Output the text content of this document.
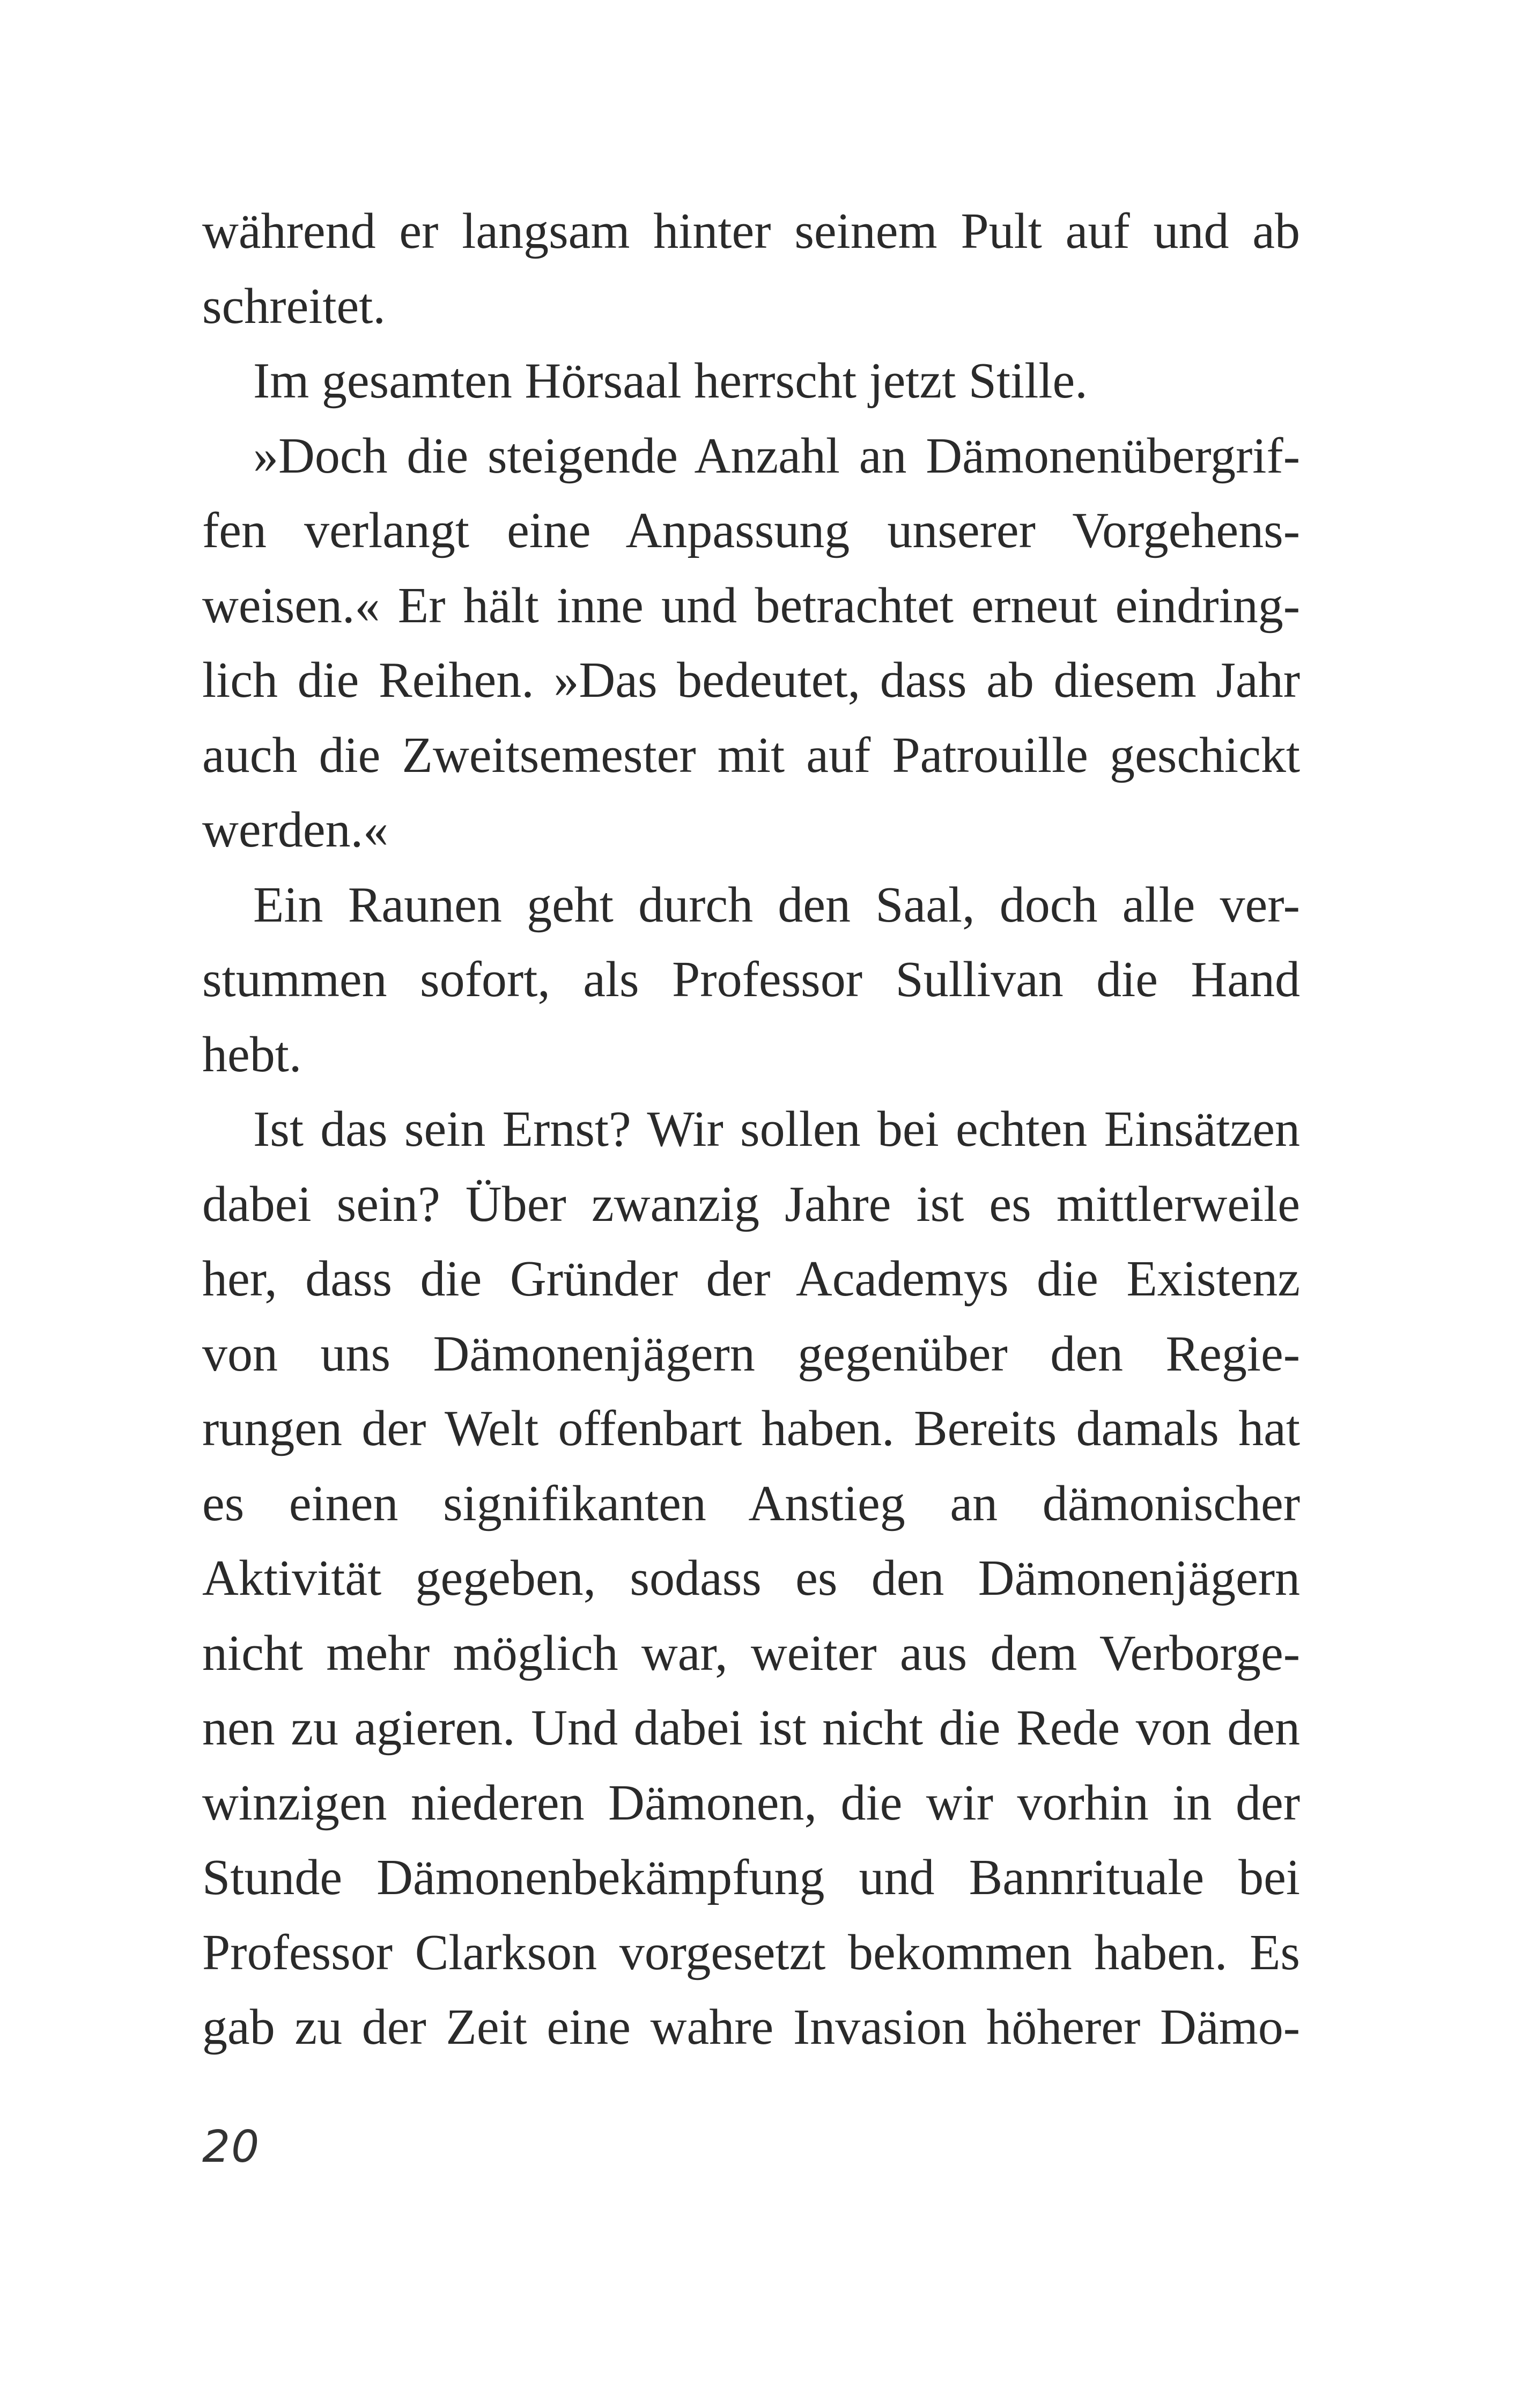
während er langsam hinter seinem Pult auf und ab
schreitet.
Im gesamten Hörsaal herrscht jetzt Stille.
»Doch die steigende Anzahl an Dämonenübergrif-
fen verlangt eine Anpassung unserer Vorgehens-
weisen.« Er hält inne und betrachtet erneut eindring-
lich die Reihen. »Das bedeutet, dass ab diesem Jahr
auch die Zweitsemester mit auf Patrouille geschickt
werden.«
Ein Raunen geht durch den Saal, doch alle ver-
stummen sofort, als Professor Sullivan die Hand
hebt.
Ist das sein Ernst? Wir sollen bei echten Einsätzen
dabei sein? Über zwanzig Jahre ist es mittlerweile
her, dass die Gründer der Academys die Existenz
von uns Dämonenjägern gegenüber den Regie-
rungen der Welt offenbart haben. Bereits damals hat
es einen signifikanten Anstieg an dämonischer
Aktivität gegeben, sodass es den Dämonenjägern
nicht mehr möglich war, weiter aus dem Verborge-
nen zu agieren. Und dabei ist nicht die Rede von den
winzigen niederen Dämonen, die wir vorhin in der
Stunde Dämonenbekämpfung und Bannrituale bei
Professor Clarkson vorgesetzt bekommen haben. Es
gab zu der Zeit eine wahre Invasion höherer Dämo-
20
